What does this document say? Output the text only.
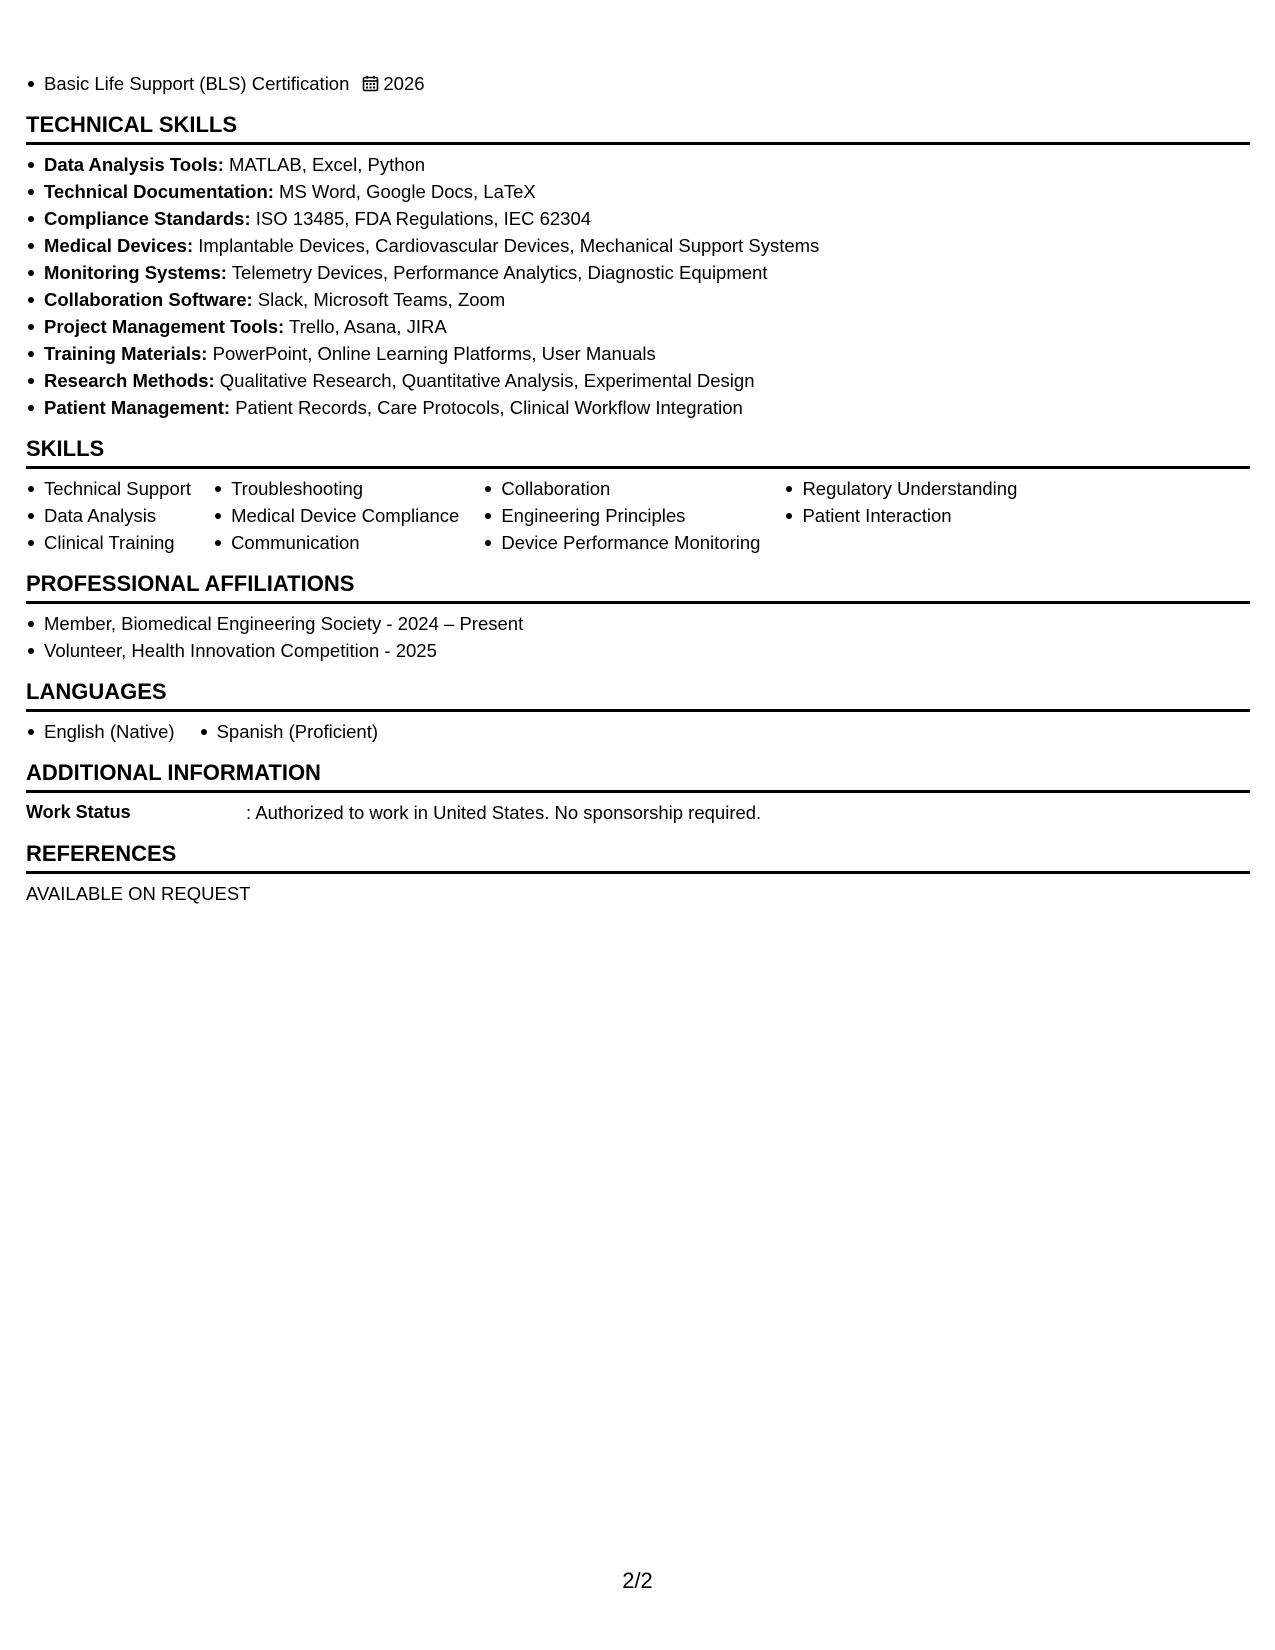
Basic Life Support (BLS) Certification 2026
TECHNICAL SKILLS
Data Analysis Tools: MATLAB, Excel, Python
Technical Documentation: MS Word, Google Docs, LaTeX
Compliance Standards: ISO 13485, FDA Regulations, IEC 62304
Medical Devices: Implantable Devices, Cardiovascular Devices, Mechanical Support Systems
Monitoring Systems: Telemetry Devices, Performance Analytics, Diagnostic Equipment
Collaboration Software: Slack, Microsoft Teams, Zoom
Project Management Tools: Trello, Asana, JIRA
Training Materials: PowerPoint, Online Learning Platforms, User Manuals
Research Methods: Qualitative Research, Quantitative Analysis, Experimental Design
Patient Management: Patient Records, Care Protocols, Clinical Workflow Integration
SKILLS
Technical Support
Data Analysis
Clinical Training
Troubleshooting
Medical Device Compliance
Communication
Collaboration
Engineering Principles
Device Performance Monitoring
Regulatory Understanding
Patient Interaction
PROFESSIONAL AFFILIATIONS
Member, Biomedical Engineering Society - 2024 – Present
Volunteer, Health Innovation Competition - 2025
LANGUAGES
English (Native)	Spanish (Proficient)
ADDITIONAL INFORMATION
Work Status	: Authorized to work in United States. No sponsorship required.
REFERENCES
AVAILABLE ON REQUEST
2/2
